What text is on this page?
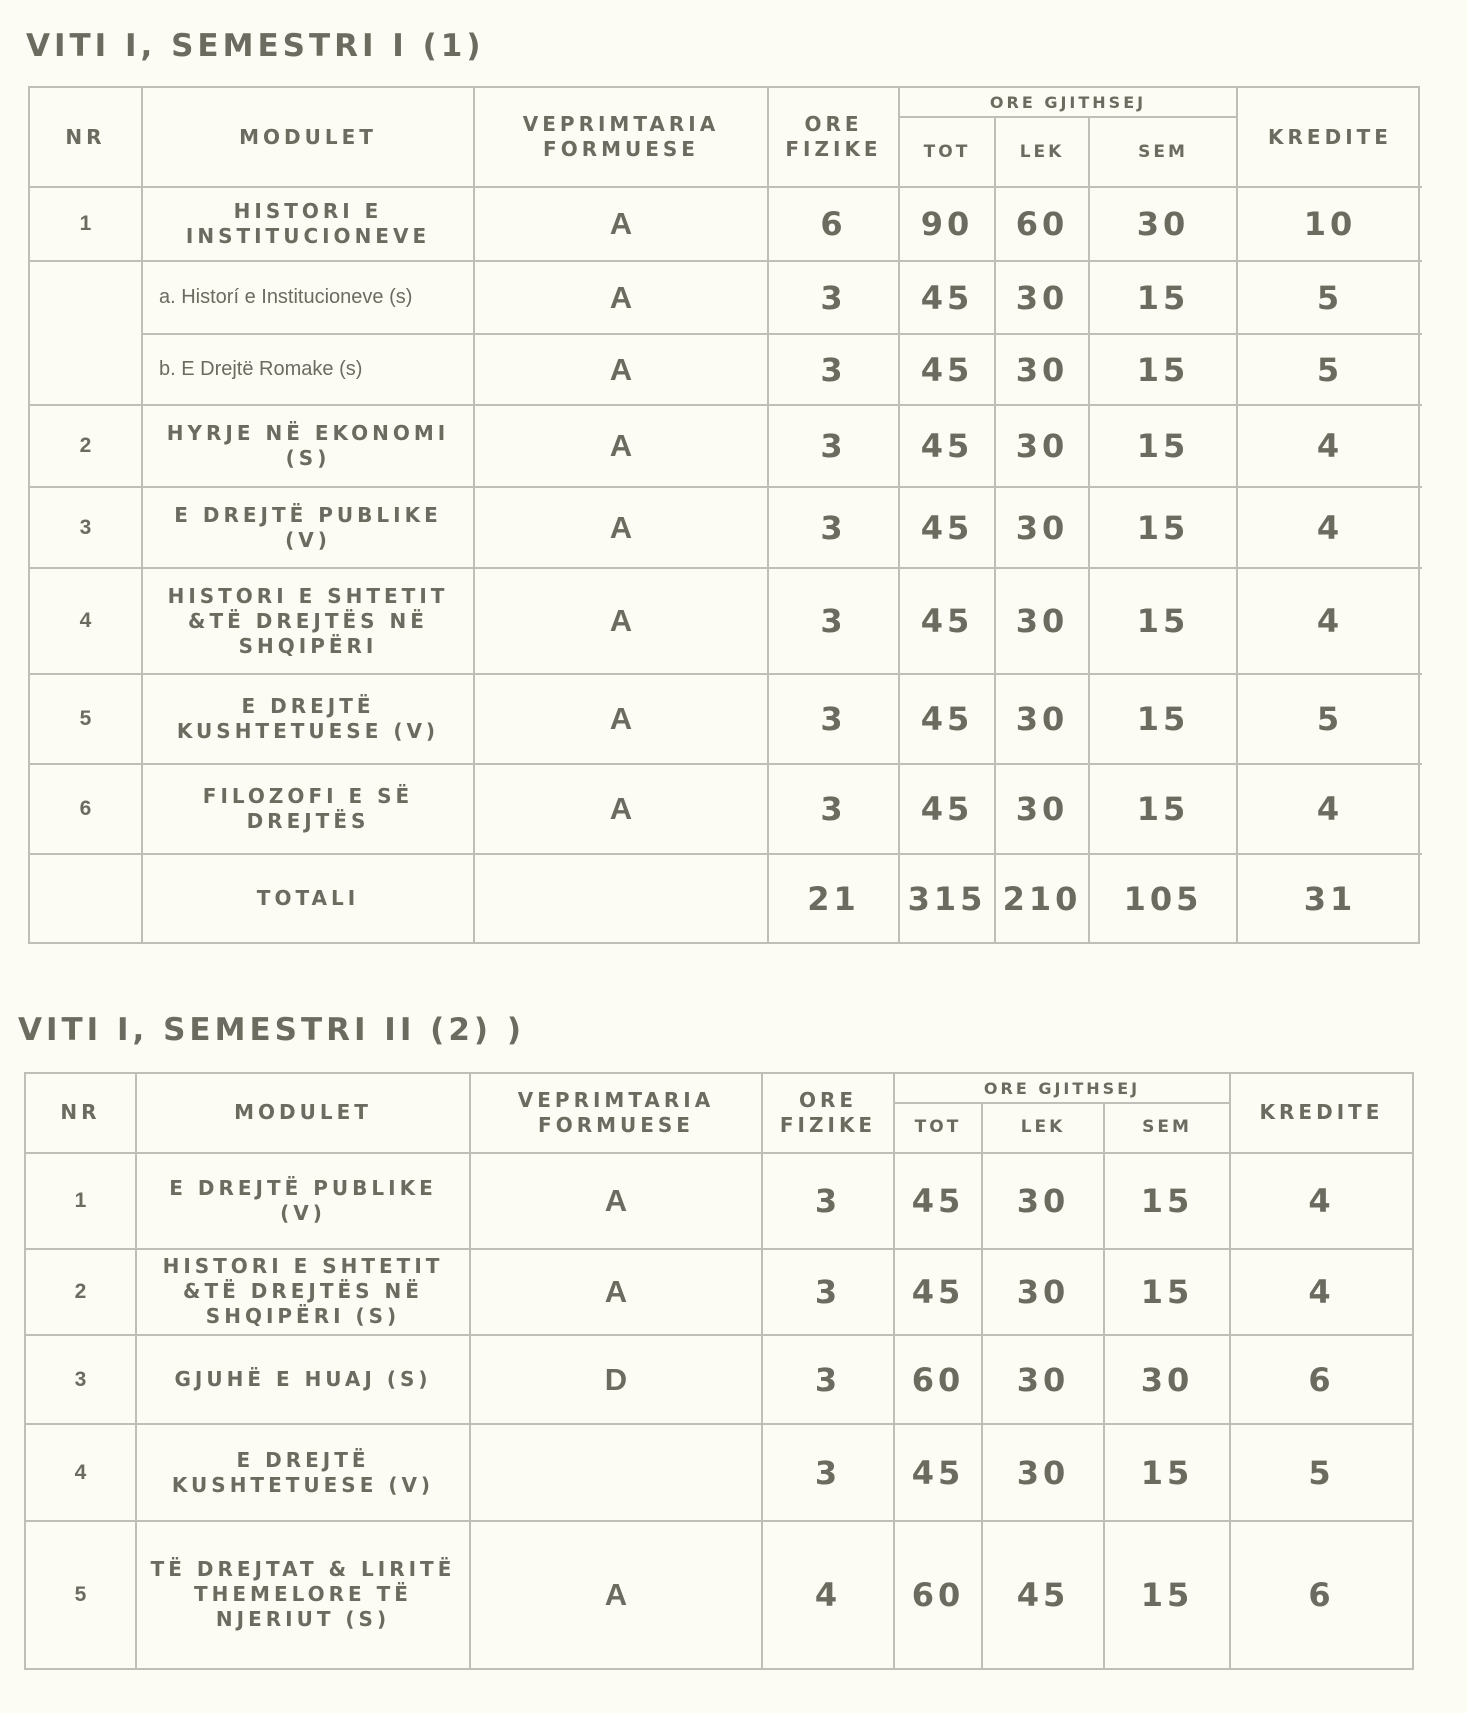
VITI I, SEMESTRI I (1)
NR	MODULET	VEPRIMTARIA FORMUESE	ORE FIZIKE	ORE GJITHSEJ			KREDITE
				TOT	LEK	SEM	
1	HISTORI E INSTITUCIONEVE	A	6	90	60	30	10
	a. Historí e Institucioneve (s)	A	3	45	30	15	5
	b. E Drejtë Romake (s)	A	3	45	30	15	5
2	HYRJE NË EKONOMI (S)	A	3	45	30	15	4
3	E DREJTË PUBLIKE (V)	A	3	45	30	15	4
4	HISTORI E SHTETIT &TË DREJTËS NË SHQIPËRI	A	3	45	30	15	4
5	E DREJTË KUSHTETUESE (V)	A	3	45	30	15	5
6	FILOZOFI E SË DREJTËS	A	3	45	30	15	4
	TOTALI		21	315	210	105	31
VITI I, SEMESTRI II (2) )
NR	MODULET	VEPRIMTARIA FORMUESE	ORE FIZIKE	ORE GJITHSEJ			KREDITE
				TOT	LEK	SEM	
1	E DREJTË PUBLIKE (V)	A	3	45	30	15	4
2	HISTORI E SHTETIT &TË DREJTËS NË SHQIPËRI (S)	A	3	45	30	15	4
3	GJUHË E HUAJ (S)	D	3	60	30	30	6
4	E DREJTË KUSHTETUESE (V)		3	45	30	15	5
5	TË DREJTAT & LIRITË THEMELORE TË NJERIUT (S)	A	4	60	45	15	6
